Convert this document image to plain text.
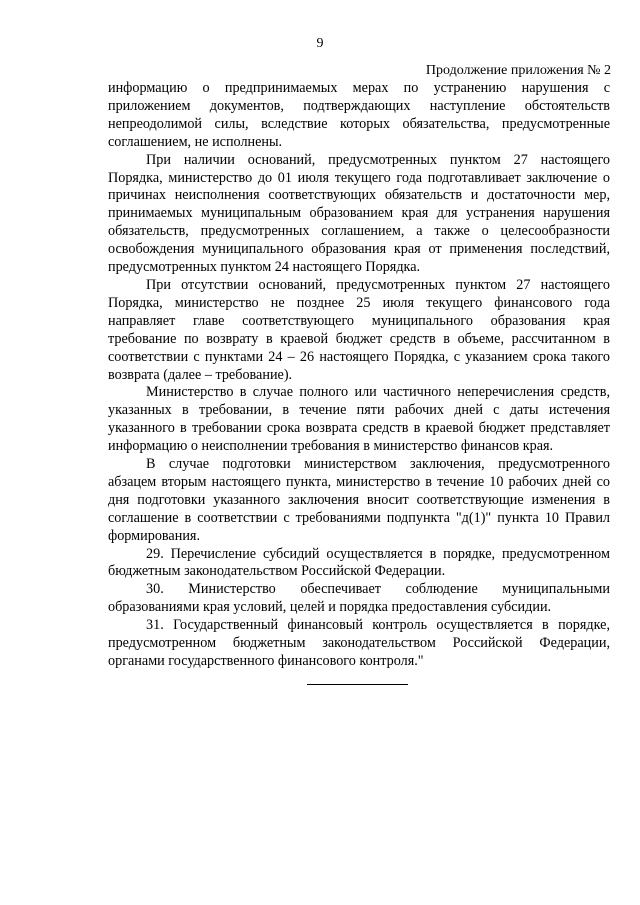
9
Продолжение приложения № 2

информацию о предпринимаемых мерах по устранению нарушения с приложением документов, подтверждающих наступление обстоятельств непреодолимой силы, вследствие которых обязательства, предусмотренные соглашением, не исполнены.

При наличии оснований, предусмотренных пунктом 27 настоящего Порядка, министерство до 01 июля текущего года подготавливает заключение о причинах неисполнения соответствующих обязательств и достаточности мер, принимаемых муниципальным образованием края для устранения нарушения обязательств, предусмотренных соглашением, а также о целесообразности освобождения муниципального образования края от применения последствий, предусмотренных пунктом 24 настоящего Порядка.

При отсутствии оснований, предусмотренных пунктом 27 настоящего Порядка, министерство не позднее 25 июля текущего финансового года направляет главе соответствующего муниципального образования края требование по возврату в краевой бюджет средств в объеме, рассчитанном в соответствии с пунктами 24 – 26 настоящего Порядка, с указанием срока такого возврата (далее – требование).

Министерство в случае полного или частичного неперечисления средств, указанных в требовании, в течение пяти рабочих дней с даты истечения указанного в требовании срока возврата средств в краевой бюджет представляет информацию о неисполнении требования в министерство финансов края.

В случае подготовки министерством заключения, предусмотренного абзацем вторым настоящего пункта, министерство в течение 10 рабочих дней со дня подготовки указанного заключения вносит соответствующие изменения в соглашение в соответствии с требованиями подпункта "д(1)" пункта 10 Правил формирования.

29. Перечисление субсидий осуществляется в порядке, предусмотренном бюджетным законодательством Российской Федерации.

30. Министерство обеспечивает соблюдение муниципальными образованиями края условий, целей и порядка предоставления субсидии.

31. Государственный финансовый контроль осуществляется в порядке, предусмотренном бюджетным законодательством Российской Федерации, органами государственного финансового контроля."
